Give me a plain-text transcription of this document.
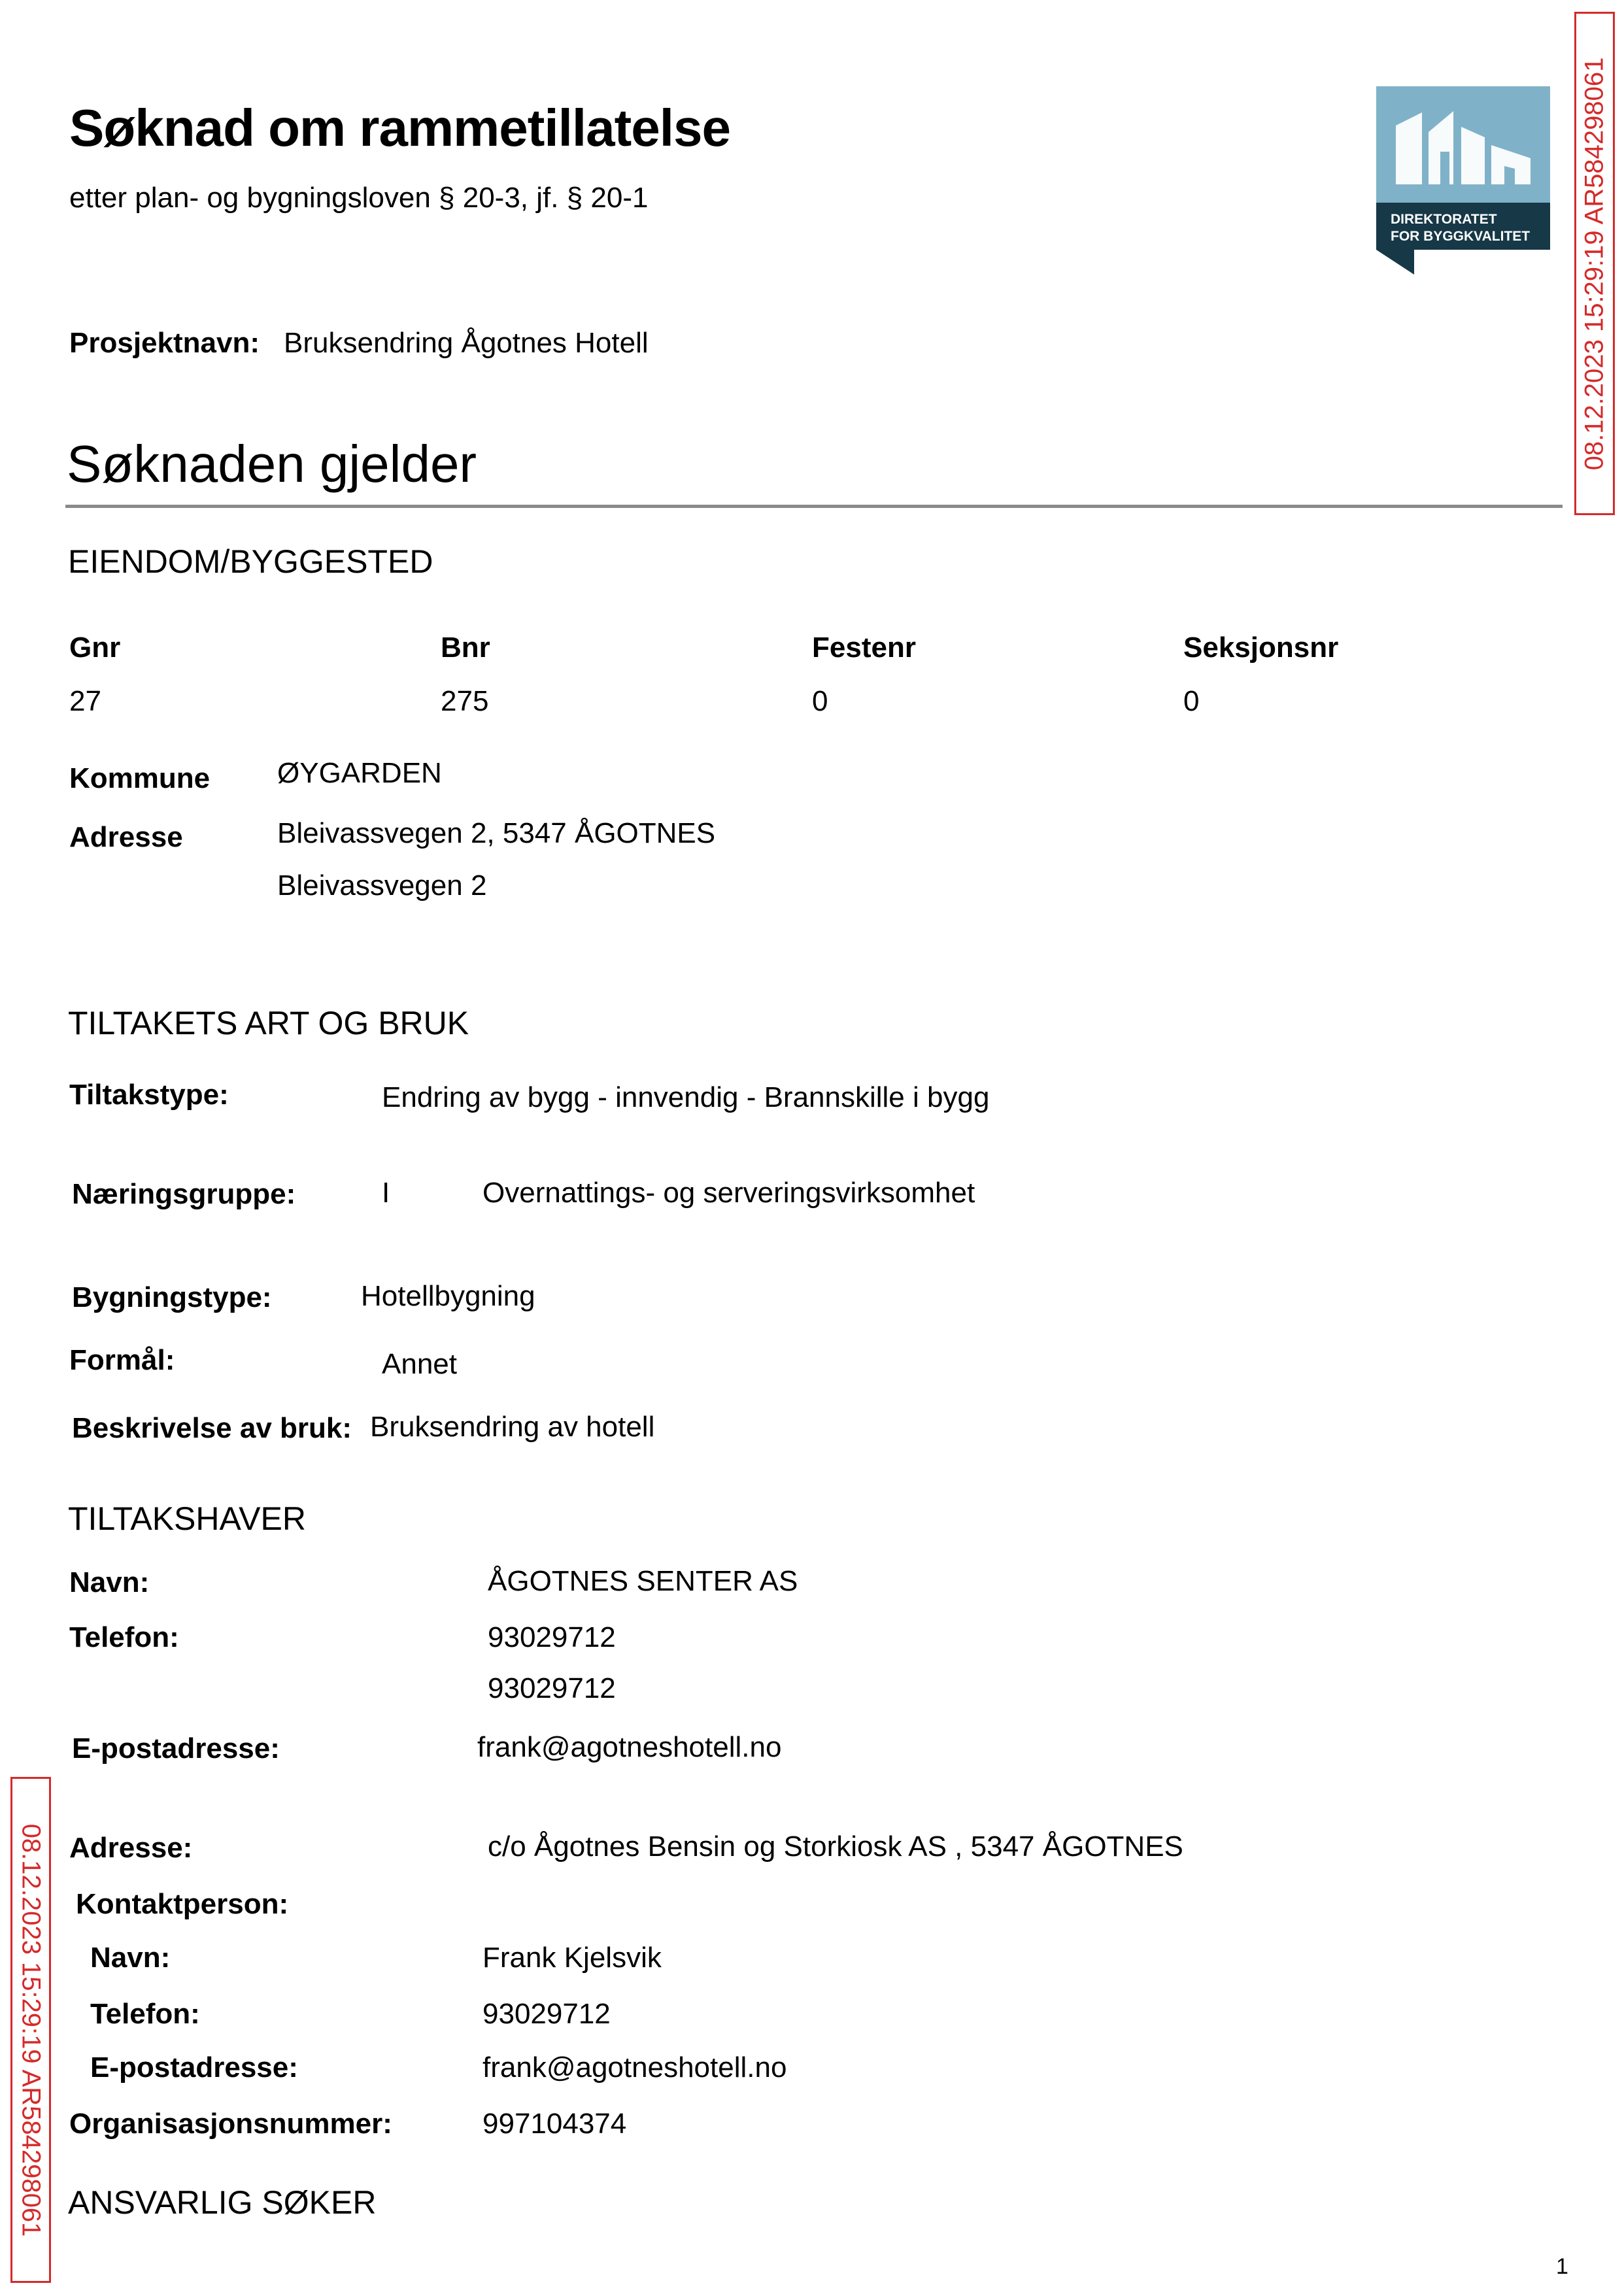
Søknad om rammetillatelse
etter plan- og bygningsloven § 20-3, jf. § 20-1
DIREKTORATET
FOR BYGGKVALITET
Prosjektnavn: Bruksendring Ågotnes Hotell
Søknaden gjelder
EIENDOM/BYGGESTED
Gnr	Bnr	Festenr	Seksjonsnr
27	275	0	0
Kommune ØYGARDEN
Adresse	Bleivassvegen 2, 5347 ÅGOTNES
Bleivassvegen 2
TILTAKETS ART OG BRUK
Tiltakstype:	Endring av bygg - innvendig - Brannskille i bygg
Næringsgruppe:	I	Overnattings- og serveringsvirksomhet
Bygningstype:	Hotellbygning
Formål:	Annet
Beskrivelse av bruk: Bruksendring av hotell
TILTAKSHAVER
Navn:	ÅGOTNES SENTER AS
Telefon:	93029712
93029712
E-postadresse:	frank@agotneshotell.no
Adresse:	c/o Ågotnes Bensin og Storkiosk AS , 5347 ÅGOTNES
Kontaktperson:
Navn:	Frank Kjelsvik
Telefon:	93029712
E-postadresse:	frank@agotneshotell.no
Organisasjonsnummer:	997104374
ANSVARLIG SØKER
1
08.12.2023 15:29:19 AR584298061
08.12.2023 15:29:19 AR584298061
